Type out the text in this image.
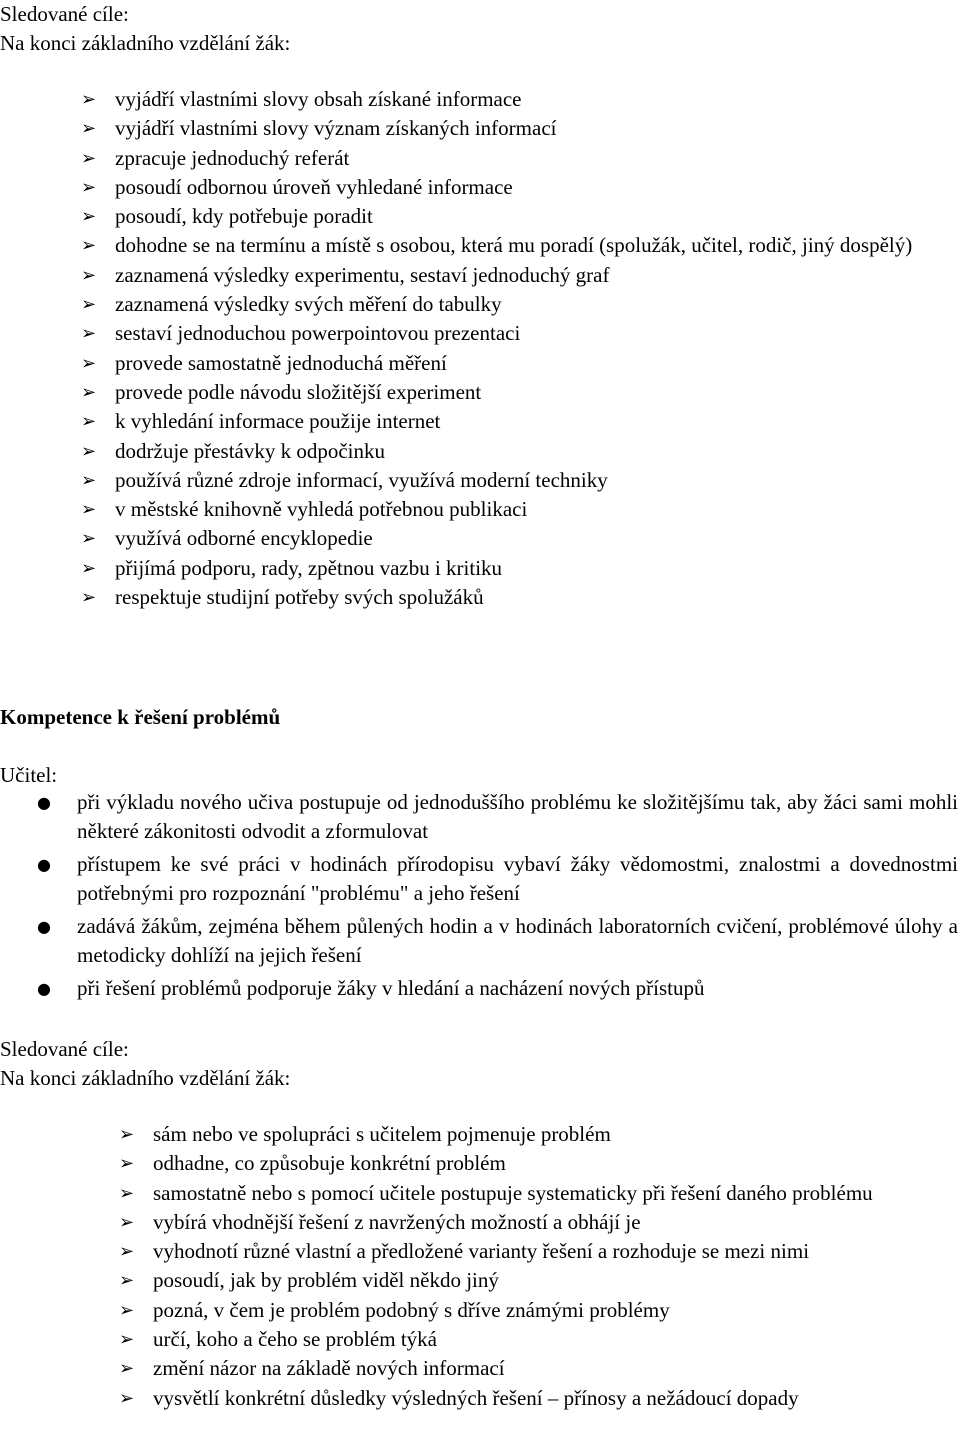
Sledované cíle:
Na konci základního vzdělání žák:
➢ vyjádří vlastními slovy obsah získané informace
➢ vyjádří vlastními slovy význam získaných informací
➢ zpracuje jednoduchý referát
➢ posoudí odbornou úroveň vyhledané informace
➢ posoudí, kdy potřebuje poradit
➢ dohodne se na termínu a místě s osobou, která mu poradí (spolužák, učitel, rodič, jiný dospělý)
➢ zaznamená výsledky experimentu, sestaví jednoduchý graf
➢ zaznamená výsledky svých měření do tabulky
➢ sestaví jednoduchou powerpointovou prezentaci
➢ provede samostatně jednoduchá měření
➢ provede podle návodu složitější experiment
➢ k vyhledání informace použije internet
➢ dodržuje přestávky k odpočinku
➢ používá různé zdroje informací, využívá moderní techniky
➢ v městské knihovně vyhledá potřebnou publikaci
➢ využívá odborné encyklopedie
➢ přijímá podporu, rady, zpětnou vazbu i kritiku
➢ respektuje studijní potřeby svých spolužáků
Kompetence k řešení problémů
Učitel:
● při výkladu nového učiva postupuje od jednoduššího problému ke složitějšímu tak, aby žáci sami mohli některé zákonitosti odvodit a zformulovat
● přístupem ke své práci v hodinách přírodopisu vybaví žáky vědomostmi, znalostmi a dovednostmi potřebnými pro rozpoznání "problému" a jeho řešení
● zadává žákům, zejména během půlených hodin a v hodinách laboratorních cvičení, problémové úlohy a metodicky dohlíží na jejich řešení
● při řešení problémů podporuje žáky v hledání a nacházení nových přístupů
Sledované cíle:
Na konci základního vzdělání žák:
➢ sám nebo ve spolupráci s učitelem pojmenuje problém
➢ odhadne, co způsobuje konkrétní problém
➢ samostatně nebo s pomocí učitele postupuje systematicky při řešení daného problému
➢ vybírá vhodnější řešení z navržených možností a obhájí je
➢ vyhodnotí různé vlastní a předložené varianty řešení a rozhoduje se mezi nimi
➢ posoudí, jak by problém viděl někdo jiný
➢ pozná, v čem je problém podobný s dříve známými problémy
➢ určí, koho a čeho se problém týká
➢ změní názor na základě nových informací
➢ vysvětlí konkrétní důsledky výsledných řešení – přínosy a nežádoucí dopady
